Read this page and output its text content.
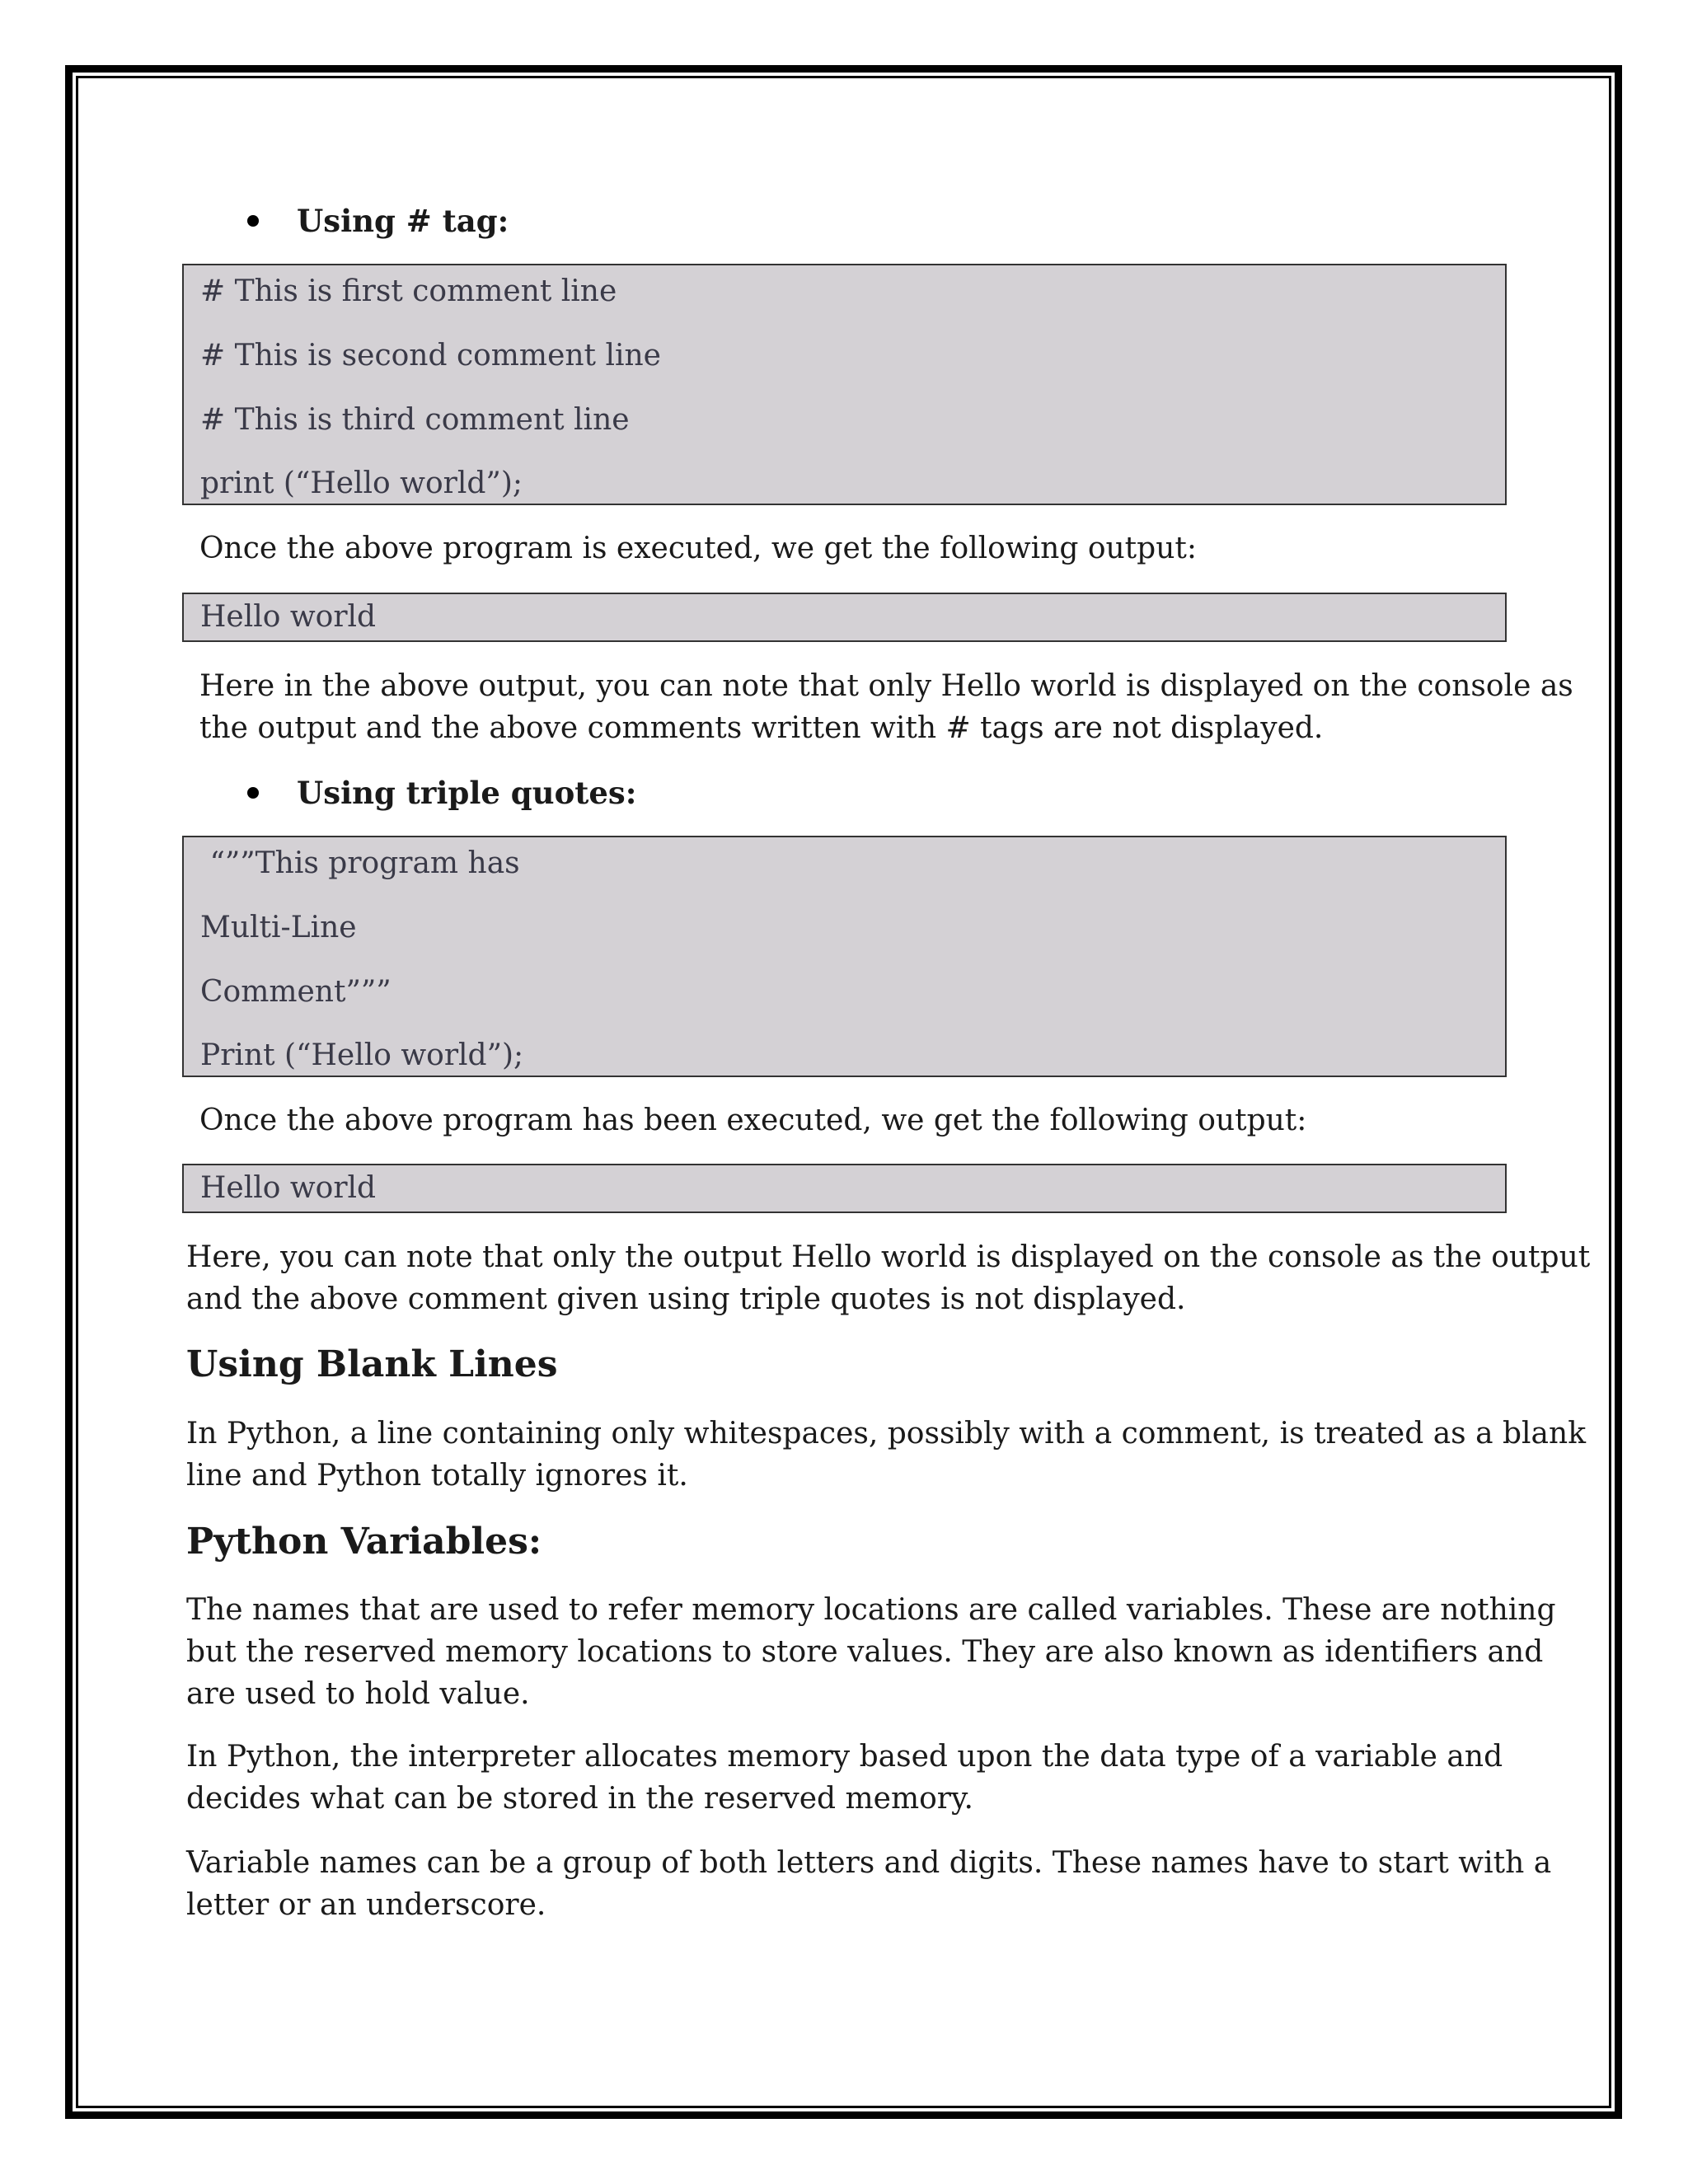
Using # tag:
# This is first comment line
# This is second comment line
# This is third comment line
print (“Hello world”);
Once the above program is executed, we get the following output:
Hello world
Here in the above output, you can note that only Hello world is displayed on the console as
the output and the above comments written with # tags are not displayed.
Using triple quotes:
“””This program has
Multi-Line
Comment”””
Print (“Hello world”);
Once the above program has been executed, we get the following output:
Hello world
Here, you can note that only the output Hello world is displayed on the console as the output
and the above comment given using triple quotes is not displayed.
Using Blank Lines
In Python, a line containing only whitespaces, possibly with a comment, is treated as a blank
line and Python totally ignores it.
Python Variables:
The names that are used to refer memory locations are called variables. These are nothing
but the reserved memory locations to store values. They are also known as identifiers and
are used to hold value.
In Python, the interpreter allocates memory based upon the data type of a variable and
decides what can be stored in the reserved memory.
Variable names can be a group of both letters and digits. These names have to start with a
letter or an underscore.
